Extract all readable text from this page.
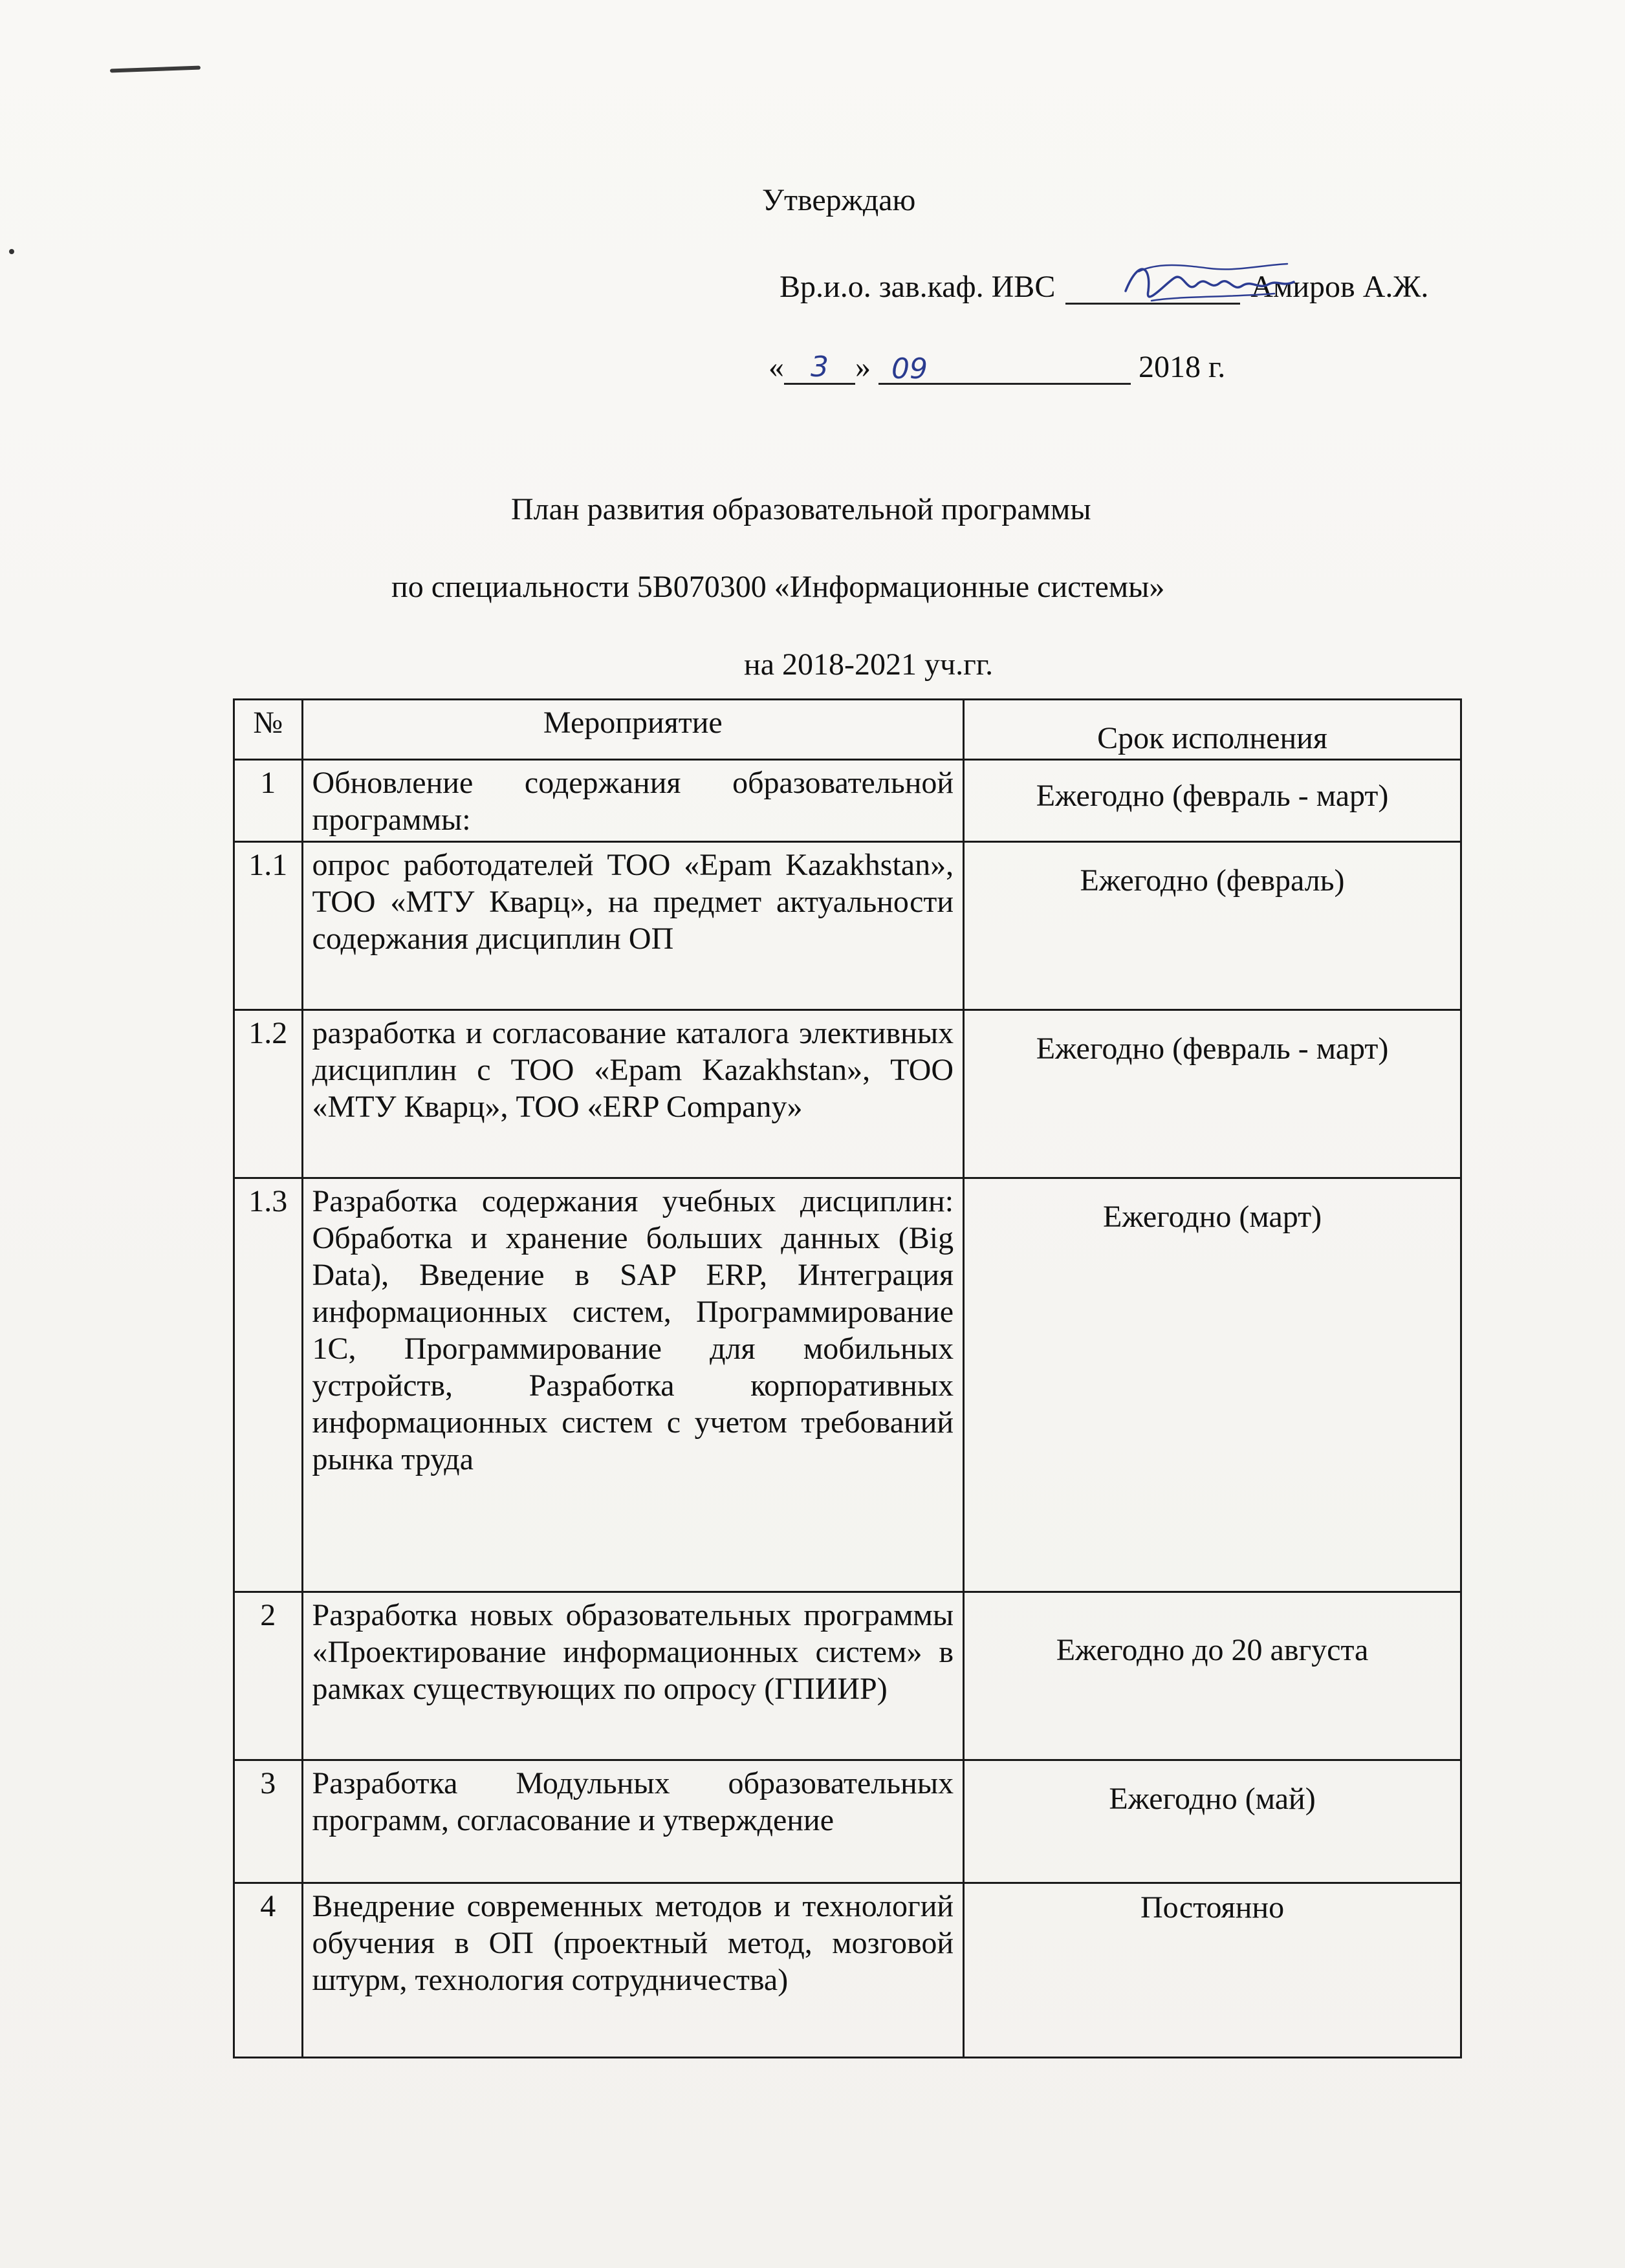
Утверждаю
Вр.и.о. зав.каф. ИВС	Амиров А.Ж.
« 3 » 09	2018 г.
План развития образовательной программы
по специальности 5В070300 «Информационные системы»
на 2018-2021 уч.гг.
№	Мероприятие	Срок исполнения
1	Обновление содержания образовательной программы:	Ежегодно (февраль - март)
1.1	опрос работодателей ТОО «Epam Kazakhstan», ТОО «МТУ Кварц», на предмет актуальности содержания дисциплин ОП	Ежегодно (февраль)
1.2	разработка и согласование каталога элективных дисциплин с ТОО «Epam Kazakhstan», ТОО «МТУ Кварц», ТОО «ERP Company»	Ежегодно (февраль - март)
1.3	Разработка содержания учебных дисциплин: Обработка и хранение больших данных (Big Data), Введение в SAP ERP, Интеграция информационных систем, Программирование 1С, Программирование для мобильных устройств, Разработка корпоративных информационных систем с учетом требований рынка труда	Ежегодно (март)
2	Разработка новых образовательных программы «Проектирование информационных систем» в рамках существующих по опросу (ГПИИР)	Ежегодно до 20 августа
3	Разработка Модульных образовательных программ, согласование и утверждение	Ежегодно (май)
4	Внедрение современных методов и технологий обучения в ОП (проектный метод, мозговой штурм, технология сотрудничества)	Постоянно
